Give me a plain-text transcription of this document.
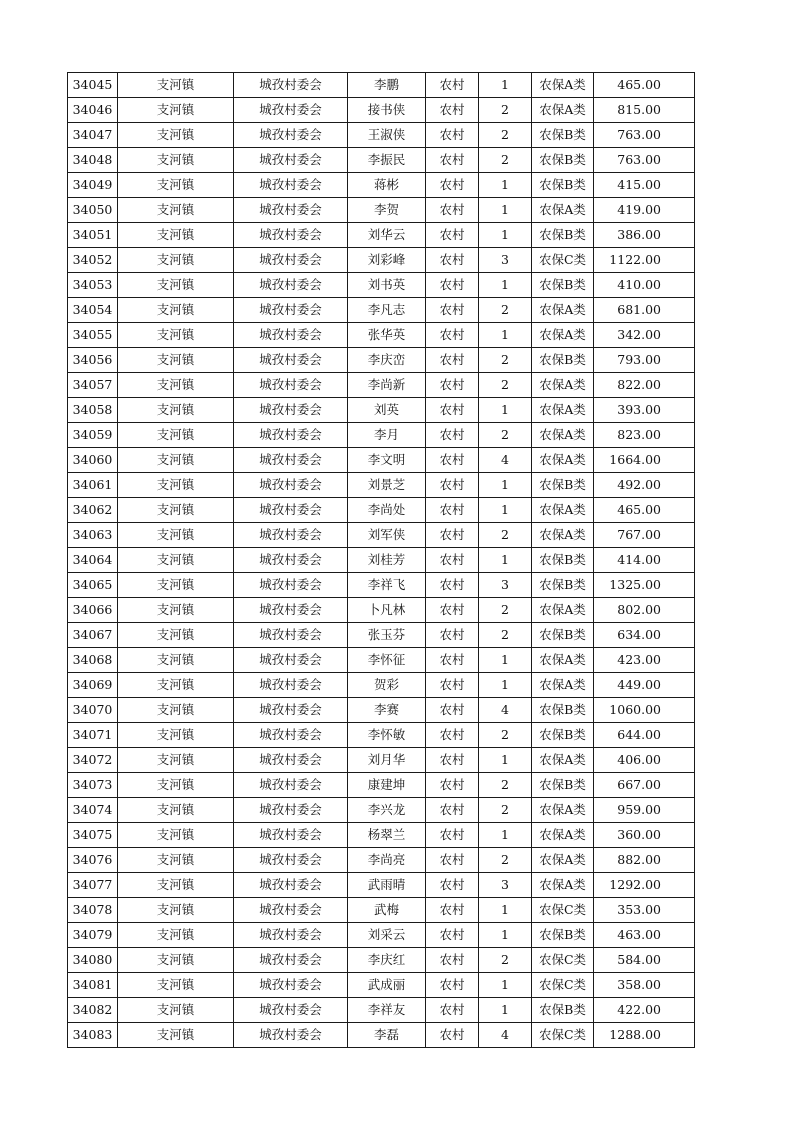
34045	支河镇	城孜村委会	李鹏	农村	1	农保A类	465.00
34046	支河镇	城孜村委会	接书侠	农村	2	农保A类	815.00
34047	支河镇	城孜村委会	王淑侠	农村	2	农保B类	763.00
34048	支河镇	城孜村委会	李振民	农村	2	农保B类	763.00
34049	支河镇	城孜村委会	蒋彬	农村	1	农保B类	415.00
34050	支河镇	城孜村委会	李贺	农村	1	农保A类	419.00
34051	支河镇	城孜村委会	刘华云	农村	1	农保B类	386.00
34052	支河镇	城孜村委会	刘彩峰	农村	3	农保C类	1122.00
34053	支河镇	城孜村委会	刘书英	农村	1	农保B类	410.00
34054	支河镇	城孜村委会	李凡志	农村	2	农保A类	681.00
34055	支河镇	城孜村委会	张华英	农村	1	农保A类	342.00
34056	支河镇	城孜村委会	李庆峦	农村	2	农保B类	793.00
34057	支河镇	城孜村委会	李尚新	农村	2	农保A类	822.00
34058	支河镇	城孜村委会	刘英	农村	1	农保A类	393.00
34059	支河镇	城孜村委会	李月	农村	2	农保A类	823.00
34060	支河镇	城孜村委会	李文明	农村	4	农保A类	1664.00
34061	支河镇	城孜村委会	刘景芝	农村	1	农保B类	492.00
34062	支河镇	城孜村委会	李尚处	农村	1	农保A类	465.00
34063	支河镇	城孜村委会	刘军侠	农村	2	农保A类	767.00
34064	支河镇	城孜村委会	刘桂芳	农村	1	农保B类	414.00
34065	支河镇	城孜村委会	李祥飞	农村	3	农保B类	1325.00
34066	支河镇	城孜村委会	卜凡林	农村	2	农保A类	802.00
34067	支河镇	城孜村委会	张玉芬	农村	2	农保B类	634.00
34068	支河镇	城孜村委会	李怀征	农村	1	农保A类	423.00
34069	支河镇	城孜村委会	贺彩	农村	1	农保A类	449.00
34070	支河镇	城孜村委会	李赛	农村	4	农保B类	1060.00
34071	支河镇	城孜村委会	李怀敏	农村	2	农保B类	644.00
34072	支河镇	城孜村委会	刘月华	农村	1	农保A类	406.00
34073	支河镇	城孜村委会	康建坤	农村	2	农保B类	667.00
34074	支河镇	城孜村委会	李兴龙	农村	2	农保A类	959.00
34075	支河镇	城孜村委会	杨翠兰	农村	1	农保A类	360.00
34076	支河镇	城孜村委会	李尚亮	农村	2	农保A类	882.00
34077	支河镇	城孜村委会	武雨晴	农村	3	农保A类	1292.00
34078	支河镇	城孜村委会	武梅	农村	1	农保C类	353.00
34079	支河镇	城孜村委会	刘采云	农村	1	农保B类	463.00
34080	支河镇	城孜村委会	李庆红	农村	2	农保C类	584.00
34081	支河镇	城孜村委会	武成丽	农村	1	农保C类	358.00
34082	支河镇	城孜村委会	李祥友	农村	1	农保B类	422.00
34083	支河镇	城孜村委会	李磊	农村	4	农保C类	1288.00
